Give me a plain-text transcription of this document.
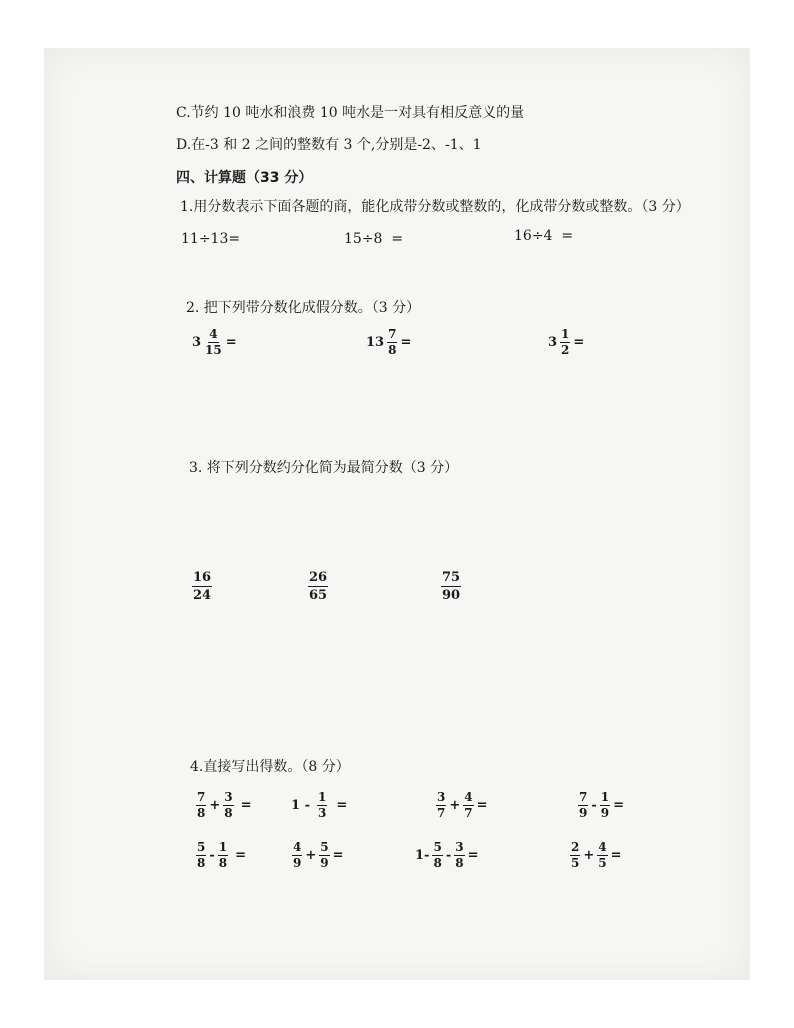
C.节约 10 吨水和浪费 10 吨水是一对具有相反意义的量
D.在-3 和 2 之间的整数有 3 个,分别是-2、-1、1
四、计算题（33 分）
1.用分数表示下面各题的商，能化成带分数或整数的，化成带分数或整数。（3 分）
11÷13=	15÷8  =	16÷4  =
2. 把下列带分数化成假分数。（3 分）
$3 \frac{4}{15}$ =	$13 \frac{7}{8}$ =	$3 \frac{1}{2}$ =
3. 将下列分数约分化简为最简分数（3 分）
$\frac{16}{24}$	$\frac{26}{65}$	$\frac{75}{90}$
4.直接写出得数。（8 分）
$\frac{7}{8} + \frac{3}{8}$ =	$1 - \frac{1}{3}$ =	$\frac{3}{7} + \frac{4}{7}$ =	$\frac{7}{9} - \frac{1}{9}$ =
$\frac{5}{8} - \frac{1}{8}$ =	$\frac{4}{9} + \frac{5}{9}$ =	$1- \frac{5}{8} - \frac{3}{8}$ =	$\frac{2}{5} + \frac{4}{5}$ =
